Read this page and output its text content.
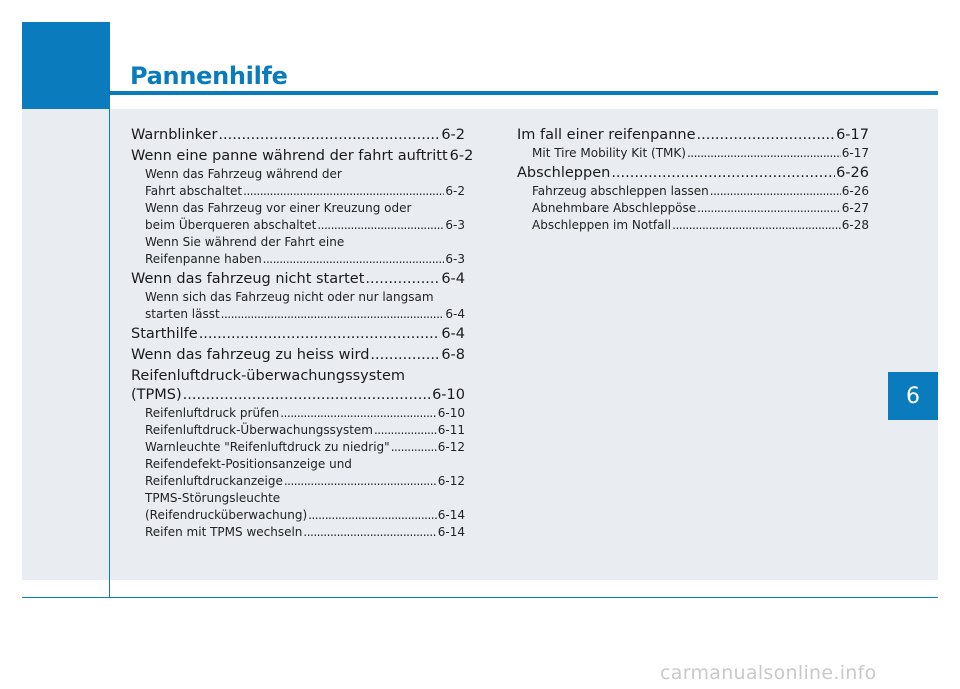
Pannenhilfe
6
Warnblinker .....	6-2
Wenn eine panne während der fahrt auftritt 6-2
Wenn das Fahrzeug während der
Fahrt abschaltet .....	6-2
Wenn das Fahrzeug vor einer Kreuzung oder
beim Überqueren abschaltet .....	6-3
Wenn Sie während der Fahrt eine
Reifenpanne haben .....	6-3
Wenn das fahrzeug nicht startet .....	6-4
Wenn sich das Fahrzeug nicht oder nur langsam
starten lässt .....	6-4
Starthilfe .....	6-4
Wenn das fahrzeug zu heiss wird .....	6-8
Reifenluftdruck-überwachungssystem
(TPMS) .....	6-10
Reifenluftdruck prüfen .....	6-10
Reifenluftdruck-Überwachungssystem .....	6-11
Warnleuchte "Reifenluftdruck zu niedrig" .....	6-12
Reifendefekt-Positionsanzeige und
Reifenluftdruckanzeige .....	6-12
TPMS-Störungsleuchte
(Reifendrucküberwachung) .....	6-14
Reifen mit TPMS wechseln .....	6-14
Im fall einer reifenpanne .....	6-17
Mit Tire Mobility Kit (TMK) .....	6-17
Abschleppen .....	6-26
Fahrzeug abschleppen lassen .....	6-26
Abnehmbare Abschleppöse .....	6-27
Abschleppen im Notfall .....	6-28
carmanualsonline.info
